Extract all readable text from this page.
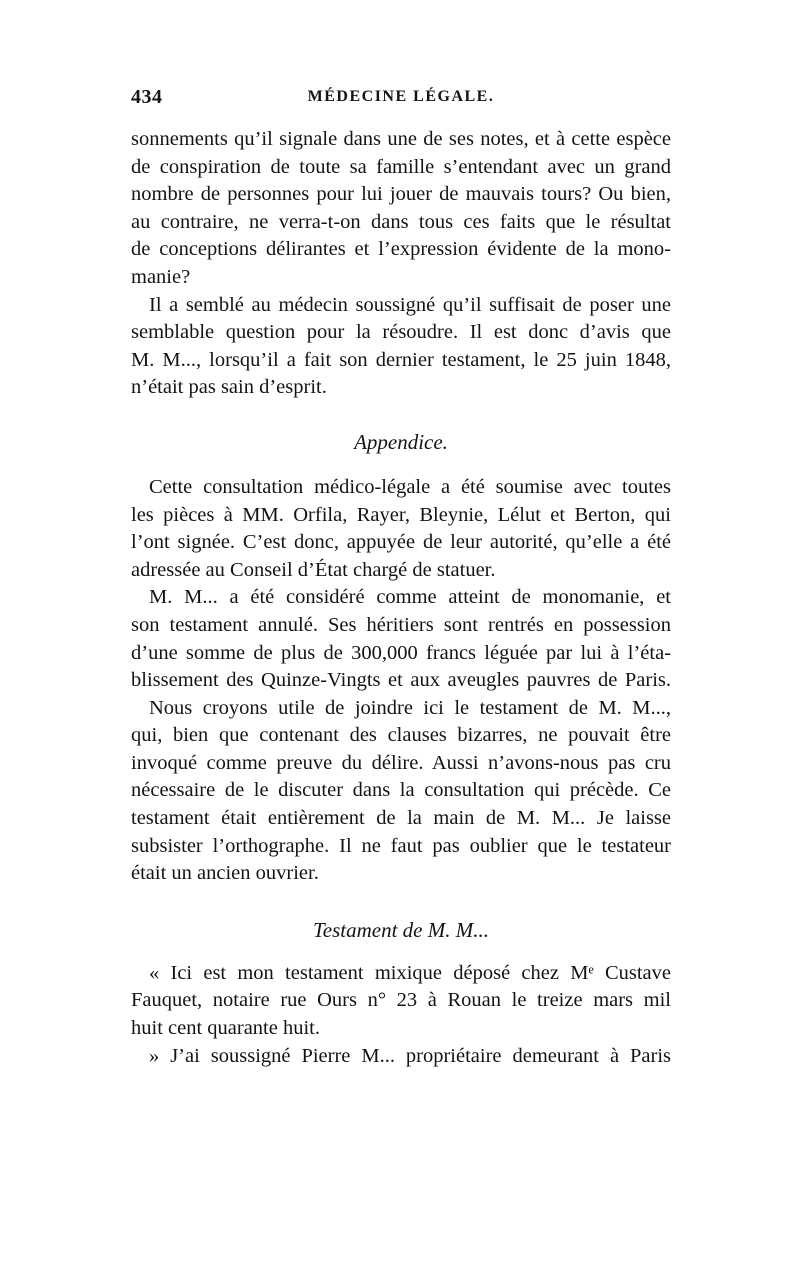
434	MÉDECINE LÉGALE.
sonnements qu’il signale dans une de ses notes, et à cette espèce
de conspiration de toute sa famille s’entendant avec un grand
nombre de personnes pour lui jouer de mauvais tours? Ou bien,
au contraire, ne verra-t-on dans tous ces faits que le résultat
de conceptions délirantes et l’expression évidente de la mono-
manie?
Il a semblé au médecin soussigné qu’il suffisait de poser une
semblable question pour la résoudre. Il est donc d’avis que
M. M..., lorsqu’il a fait son dernier testament, le 25 juin 1848,
n’était pas sain d’esprit.
Appendice.
Cette consultation médico-légale a été soumise avec toutes
les pièces à MM. Orfila, Rayer, Bleynie, Lélut et Berton, qui
l’ont signée. C’est donc, appuyée de leur autorité, qu’elle a été
adressée au Conseil d’État chargé de statuer.
M. M... a été considéré comme atteint de monomanie, et
son testament annulé. Ses héritiers sont rentrés en possession
d’une somme de plus de 300,000 francs léguée par lui à l’éta-
blissement des Quinze-Vingts et aux aveugles pauvres de Paris.
Nous croyons utile de joindre ici le testament de M. M...,
qui, bien que contenant des clauses bizarres, ne pouvait être
invoqué comme preuve du délire. Aussi n’avons-nous pas cru
nécessaire de le discuter dans la consultation qui précède. Ce
testament était entièrement de la main de M. M... Je laisse
subsister l’orthographe. Il ne faut pas oublier que le testateur
était un ancien ouvrier.
Testament de M. M...
« Ici est mon testament mixique déposé chez Mᵉ Custave
Fauquet, notaire rue Ours n° 23 à Rouan le treize mars mil
huit cent quarante huit.
» J’ai soussigné Pierre M... propriétaire demeurant à Paris
